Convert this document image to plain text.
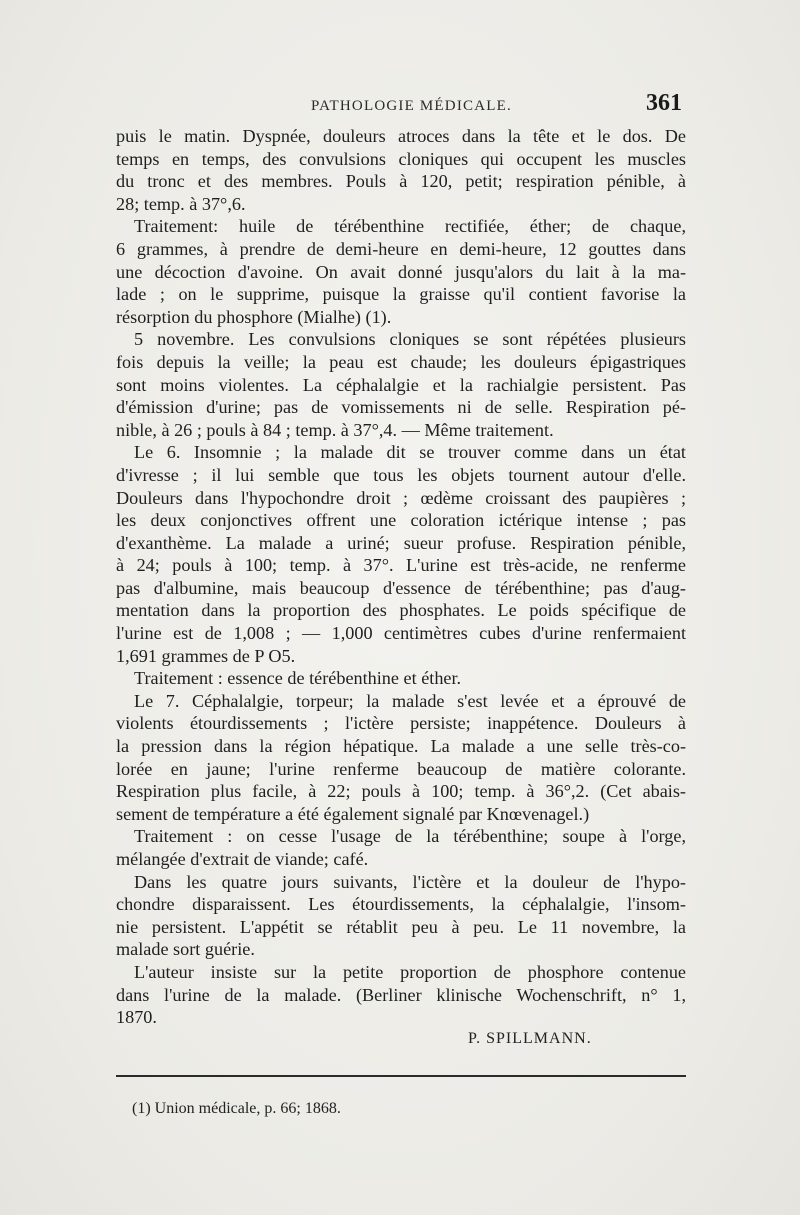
PATHOLOGIE MÉDICALE.	361

puis le matin. Dyspnée, douleurs atroces dans la tête et le dos. De

temps en temps, des convulsions cloniques qui occupent les muscles

du tronc et des membres. Pouls à 120, petit; respiration pénible, à

28; temp. à 37°,6.

Traitement: huile de térébenthine rectifiée, éther; de chaque,

6 grammes, à prendre de demi-heure en demi-heure, 12 gouttes dans

une décoction d'avoine. On avait donné jusqu'alors du lait à la ma-

lade ; on le supprime, puisque la graisse qu'il contient favorise la

résorption du phosphore (Mialhe) (1).

5 novembre. Les convulsions cloniques se sont répétées plusieurs

fois depuis la veille; la peau est chaude; les douleurs épigastriques

sont moins violentes. La céphalalgie et la rachialgie persistent. Pas

d'émission d'urine; pas de vomissements ni de selle. Respiration pé-

nible, à 26 ; pouls à 84 ; temp. à 37°,4. — Même traitement.

Le 6. Insomnie ; la malade dit se trouver comme dans un état

d'ivresse ; il lui semble que tous les objets tournent autour d'elle.

Douleurs dans l'hypochondre droit ; œdème croissant des paupières ;

les deux conjonctives offrent une coloration ictérique intense ; pas

d'exanthème. La malade a uriné; sueur profuse. Respiration pénible,

à 24; pouls à 100; temp. à 37°. L'urine est très-acide, ne renferme

pas d'albumine, mais beaucoup d'essence de térébenthine; pas d'aug-

mentation dans la proportion des phosphates. Le poids spécifique de

l'urine est de 1,008 ; — 1,000 centimètres cubes d'urine renfermaient

1,691 grammes de P O5.

Traitement : essence de térébenthine et éther.

Le 7. Céphalalgie, torpeur; la malade s'est levée et a éprouvé de

violents étourdissements ; l'ictère persiste; inappétence. Douleurs à

la pression dans la région hépatique. La malade a une selle très-co-

lorée en jaune; l'urine renferme beaucoup de matière colorante.

Respiration plus facile, à 22; pouls à 100; temp. à 36°,2. (Cet abais-

sement de température a été également signalé par Knœvenagel.)

Traitement : on cesse l'usage de la térébenthine; soupe à l'orge,

mélangée d'extrait de viande; café.

Dans les quatre jours suivants, l'ictère et la douleur de l'hypo-

chondre disparaissent. Les étourdissements, la céphalalgie, l'insom-

nie persistent. L'appétit se rétablit peu à peu. Le 11 novembre, la

malade sort guérie.

L'auteur insiste sur la petite proportion de phosphore contenue

dans l'urine de la malade. (Berliner klinische Wochenschrift, n° 1,

1870.

P. SPILLMANN.
(1) Union médicale, p. 66; 1868.
